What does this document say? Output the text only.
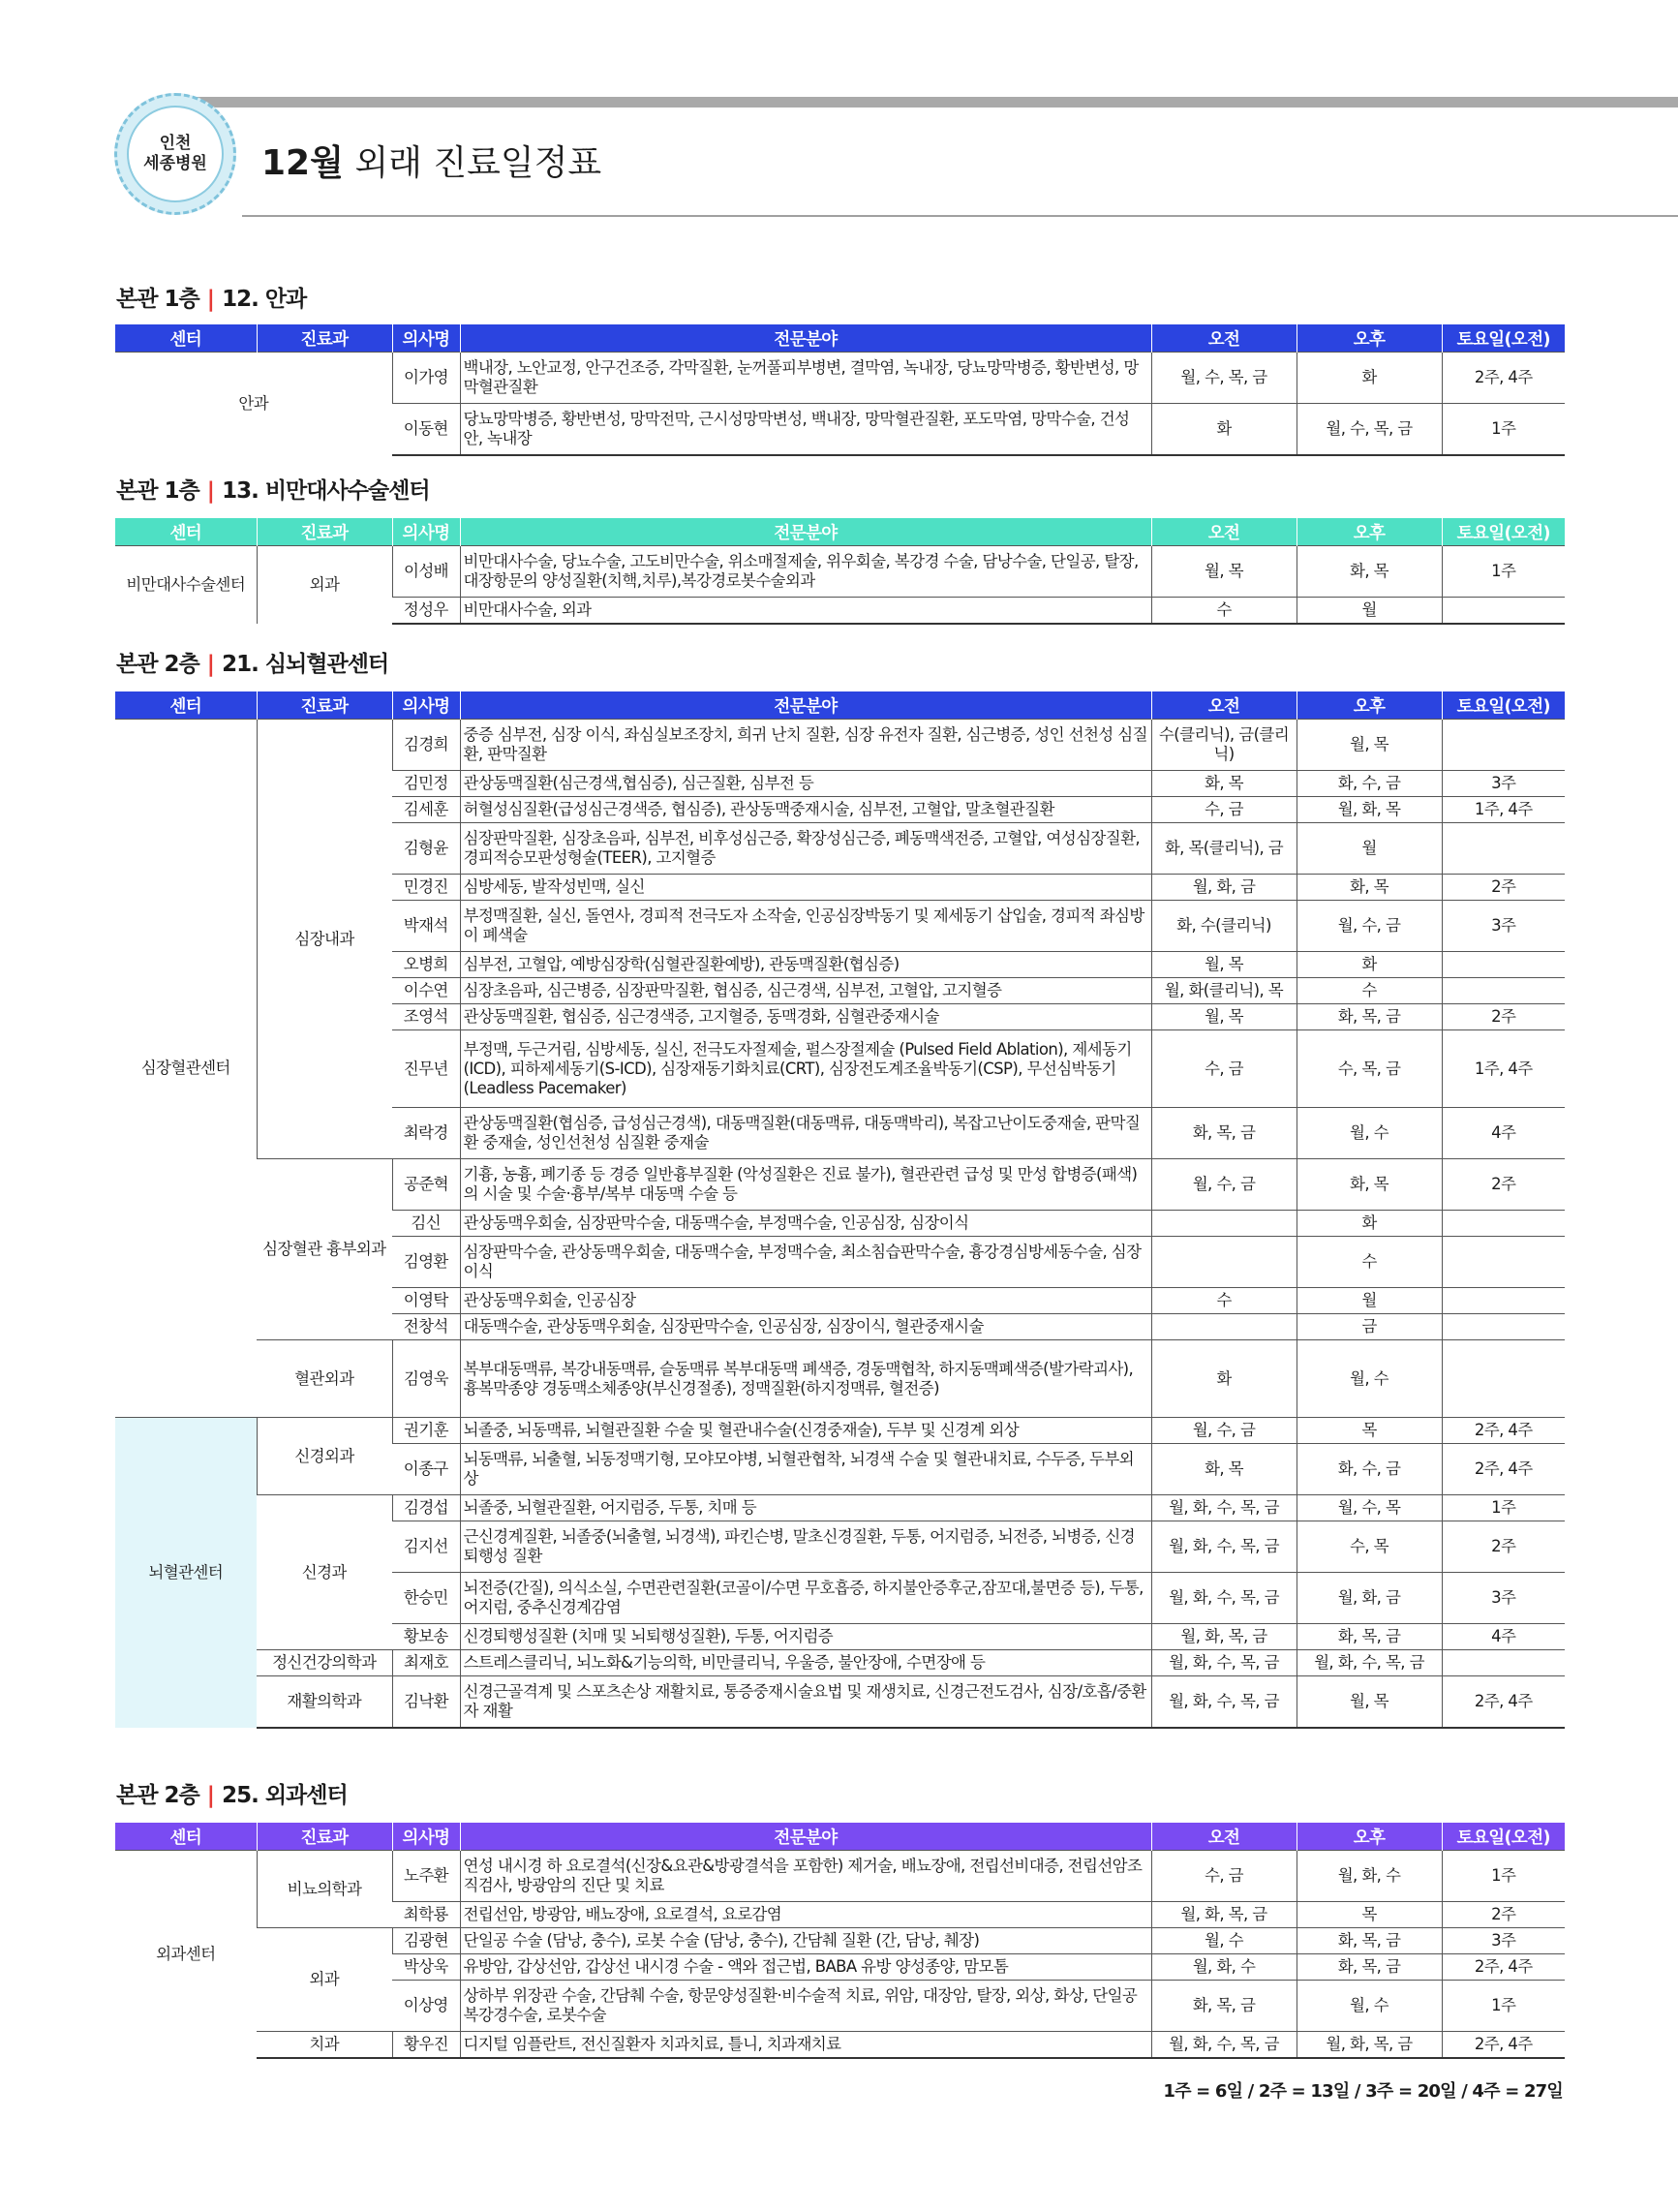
인천
세종병원 12월 외래 진료일정표
본관 1층 | 12. 안과
센터	진료과	의사명	전문분야	오전	오후	토요일(오전)
안과		이가영	백내장, 노안교정, 안구건조증, 각막질환, 눈꺼풀피부병변, 결막염, 녹내장, 당뇨망막병증, 황반변성, 망막혈관질환	월, 수, 목, 금	화	2주, 4주
		이동현	당뇨망막병증, 황반변성, 망막전막, 근시성망막변성, 백내장, 망막혈관질환, 포도막염, 망막수술, 건성안, 녹내장	화	월, 수, 목, 금	1주
본관 1층 | 13. 비만대사수술센터
센터	진료과	의사명	전문분야	오전	오후	토요일(오전)
비만대사수술센터	외과	이성배	비만대사수술, 당뇨수술, 고도비만수술, 위소매절제술, 위우회술, 복강경 수술, 담낭수술, 단일공, 탈장, 대장항문의 양성질환(치핵,치루),복강경로봇수술외과	월, 목	화, 목	1주
		정성우	비만대사수술, 외과	수	월	
본관 2층 | 21. 심뇌혈관센터
센터	진료과	의사명	전문분야	오전	오후	토요일(오전)
심장혈관센터	심장내과	김경희	중증 심부전, 심장 이식, 좌심실보조장치, 희귀 난치 질환, 심장 유전자 질환, 심근병증, 성인 선천성 심질환, 판막질환	수(클리닉), 금(클리닉)	월, 목	
		김민정	관상동맥질환(심근경색,협심증), 심근질환, 심부전 등	화, 목	화, 수, 금	3주
		김세훈	허혈성심질환(급성심근경색증, 협심증), 관상동맥중재시술, 심부전, 고혈압, 말초혈관질환	수, 금	월, 화, 목	1주, 4주
		김형윤	심장판막질환, 심장초음파, 심부전, 비후성심근증, 확장성심근증, 폐동맥색전증, 고혈압, 여성심장질환, 경피적승모판성형술(TEER), 고지혈증	화, 목(클리닉), 금	월	
		민경진	심방세동, 발작성빈맥, 실신	월, 화, 금	화, 목	2주
		박재석	부정맥질환, 실신, 돌연사, 경피적 전극도자 소작술, 인공심장박동기 및 제세동기 삽입술, 경피적 좌심방이 폐색술	화, 수(클리닉)	월, 수, 금	3주
		오병희	심부전, 고혈압, 예방심장학(심혈관질환예방), 관동맥질환(협심증)	월, 목	화	
		이수연	심장초음파, 심근병증, 심장판막질환, 협심증, 심근경색, 심부전, 고혈압, 고지혈증	월, 화(클리닉), 목	수	
		조영석	관상동맥질환, 협심증, 심근경색증, 고지혈증, 동맥경화, 심혈관중재시술	월, 목	화, 목, 금	2주
		진무년	부정맥, 두근거림, 심방세동, 실신, 전극도자절제술, 펄스장절제술 (Pulsed Field Ablation), 제세동기(ICD), 피하제세동기(S-ICD), 심장재동기화치료(CRT), 심장전도계조율박동기(CSP), 무선심박동기(Leadless Pacemaker)	수, 금	수, 목, 금	1주, 4주
		최락경	관상동맥질환(협심증, 급성심근경색), 대동맥질환(대동맥류, 대동맥박리), 복잡고난이도중재술, 판막질환 중재술, 성인선천성 심질환 중재술	화, 목, 금	월, 수	4주
	심장혈관 흉부외과	공준혁	기흉, 농흉, 폐기종 등 경증 일반흉부질환 (악성질환은 진료 불가), 혈관관련 급성 및 만성 합병증(패색)의 시술 및 수술·흉부/복부 대동맥 수술 등	월, 수, 금	화, 목	2주
		김신	관상동맥우회술, 심장판막수술, 대동맥수술, 부정맥수술, 인공심장, 심장이식		화	
		김영환	심장판막수술, 관상동맥우회술, 대동맥수술, 부정맥수술, 최소침습판막수술, 흉강경심방세동수술, 심장이식		수	
		이영탁	관상동맥우회술, 인공심장	수	월	
		전창석	대동맥수술, 관상동맥우회술, 심장판막수술, 인공심장, 심장이식, 혈관중재시술		금	
	혈관외과	김영욱	복부대동맥류, 복강내동맥류, 슬동맥류 복부대동맥 폐색증, 경동맥협착, 하지동맥폐색증(발가락괴사), 흉복막종양 경동맥소체종양(부신경절종), 정맥질환(하지정맥류, 혈전증)	화	월, 수	
뇌혈관센터	신경외과	권기훈	뇌졸중, 뇌동맥류, 뇌혈관질환 수술 및 혈관내수술(신경중재술), 두부 및 신경계 외상	월, 수, 금	목	2주, 4주
		이종구	뇌동맥류, 뇌출혈, 뇌동정맥기형, 모야모야병, 뇌혈관협착, 뇌경색 수술 및 혈관내치료, 수두증, 두부외상	화, 목	화, 수, 금	2주, 4주
	신경과	김경섭	뇌졸중, 뇌혈관질환, 어지럼증, 두통, 치매 등	월, 화, 수, 목, 금	월, 수, 목	1주
		김지선	근신경계질환, 뇌졸중(뇌출혈, 뇌경색), 파킨슨병, 말초신경질환, 두통, 어지럼증, 뇌전증, 뇌병증, 신경퇴행성 질환	월, 화, 수, 목, 금	수, 목	2주
		한승민	뇌전증(간질), 의식소실, 수면관련질환(코골이/수면 무호흡증, 하지불안증후군,잠꼬대,불면증 등), 두통,어지럼, 중추신경계감염	월, 화, 수, 목, 금	월, 화, 금	3주
		황보송	신경퇴행성질환 (치매 및 뇌퇴행성질환), 두통, 어지럼증	월, 화, 목, 금	화, 목, 금	4주
	정신건강의학과	최재호	스트레스클리닉, 뇌노화&기능의학, 비만클리닉, 우울증, 불안장애, 수면장애 등	월, 화, 수, 목, 금	월, 화, 수, 목, 금	
	재활의학과	김낙환	신경근골격계 및 스포츠손상 재활치료, 통증중재시술요법 및 재생치료, 신경근전도검사, 심장/호흡/중환자 재활	월, 화, 수, 목, 금	월, 목	2주, 4주
본관 2층 | 25. 외과센터
센터	진료과	의사명	전문분야	오전	오후	토요일(오전)
외과센터	비뇨의학과	노주환	연성 내시경 하 요로결석(신장&요관&방광결석을 포함한) 제거술, 배뇨장애, 전립선비대증, 전립선암조직검사, 방광암의 진단 및 치료	수, 금	월, 화, 수	1주
		최학룡	전립선암, 방광암, 배뇨장애, 요로결석, 요로감염	월, 화, 목, 금	목	2주
	외과	김광현	단일공 수술 (담낭, 충수), 로봇 수술 (담낭, 충수), 간담췌 질환 (간, 담낭, 췌장)	월, 수	화, 목, 금	3주
		박상욱	유방암, 갑상선암, 갑상선 내시경 수술 - 액와 접근법, BABA 유방 양성종양, 맘모톰	월, 화, 수	화, 목, 금	2주, 4주
		이상영	상하부 위장관 수술, 간담췌 수술, 항문양성질환·비수술적 치료, 위암, 대장암, 탈장, 외상, 화상, 단일공 복강경수술, 로봇수술	화, 목, 금	월, 수	1주
	치과	황우진	디지털 임플란트, 전신질환자 치과치료, 틀니, 치과재치료	월, 화, 수, 목, 금	월, 화, 목, 금	2주, 4주
1주 = 6일 / 2주 = 13일 / 3주 = 20일 / 4주 = 27일
